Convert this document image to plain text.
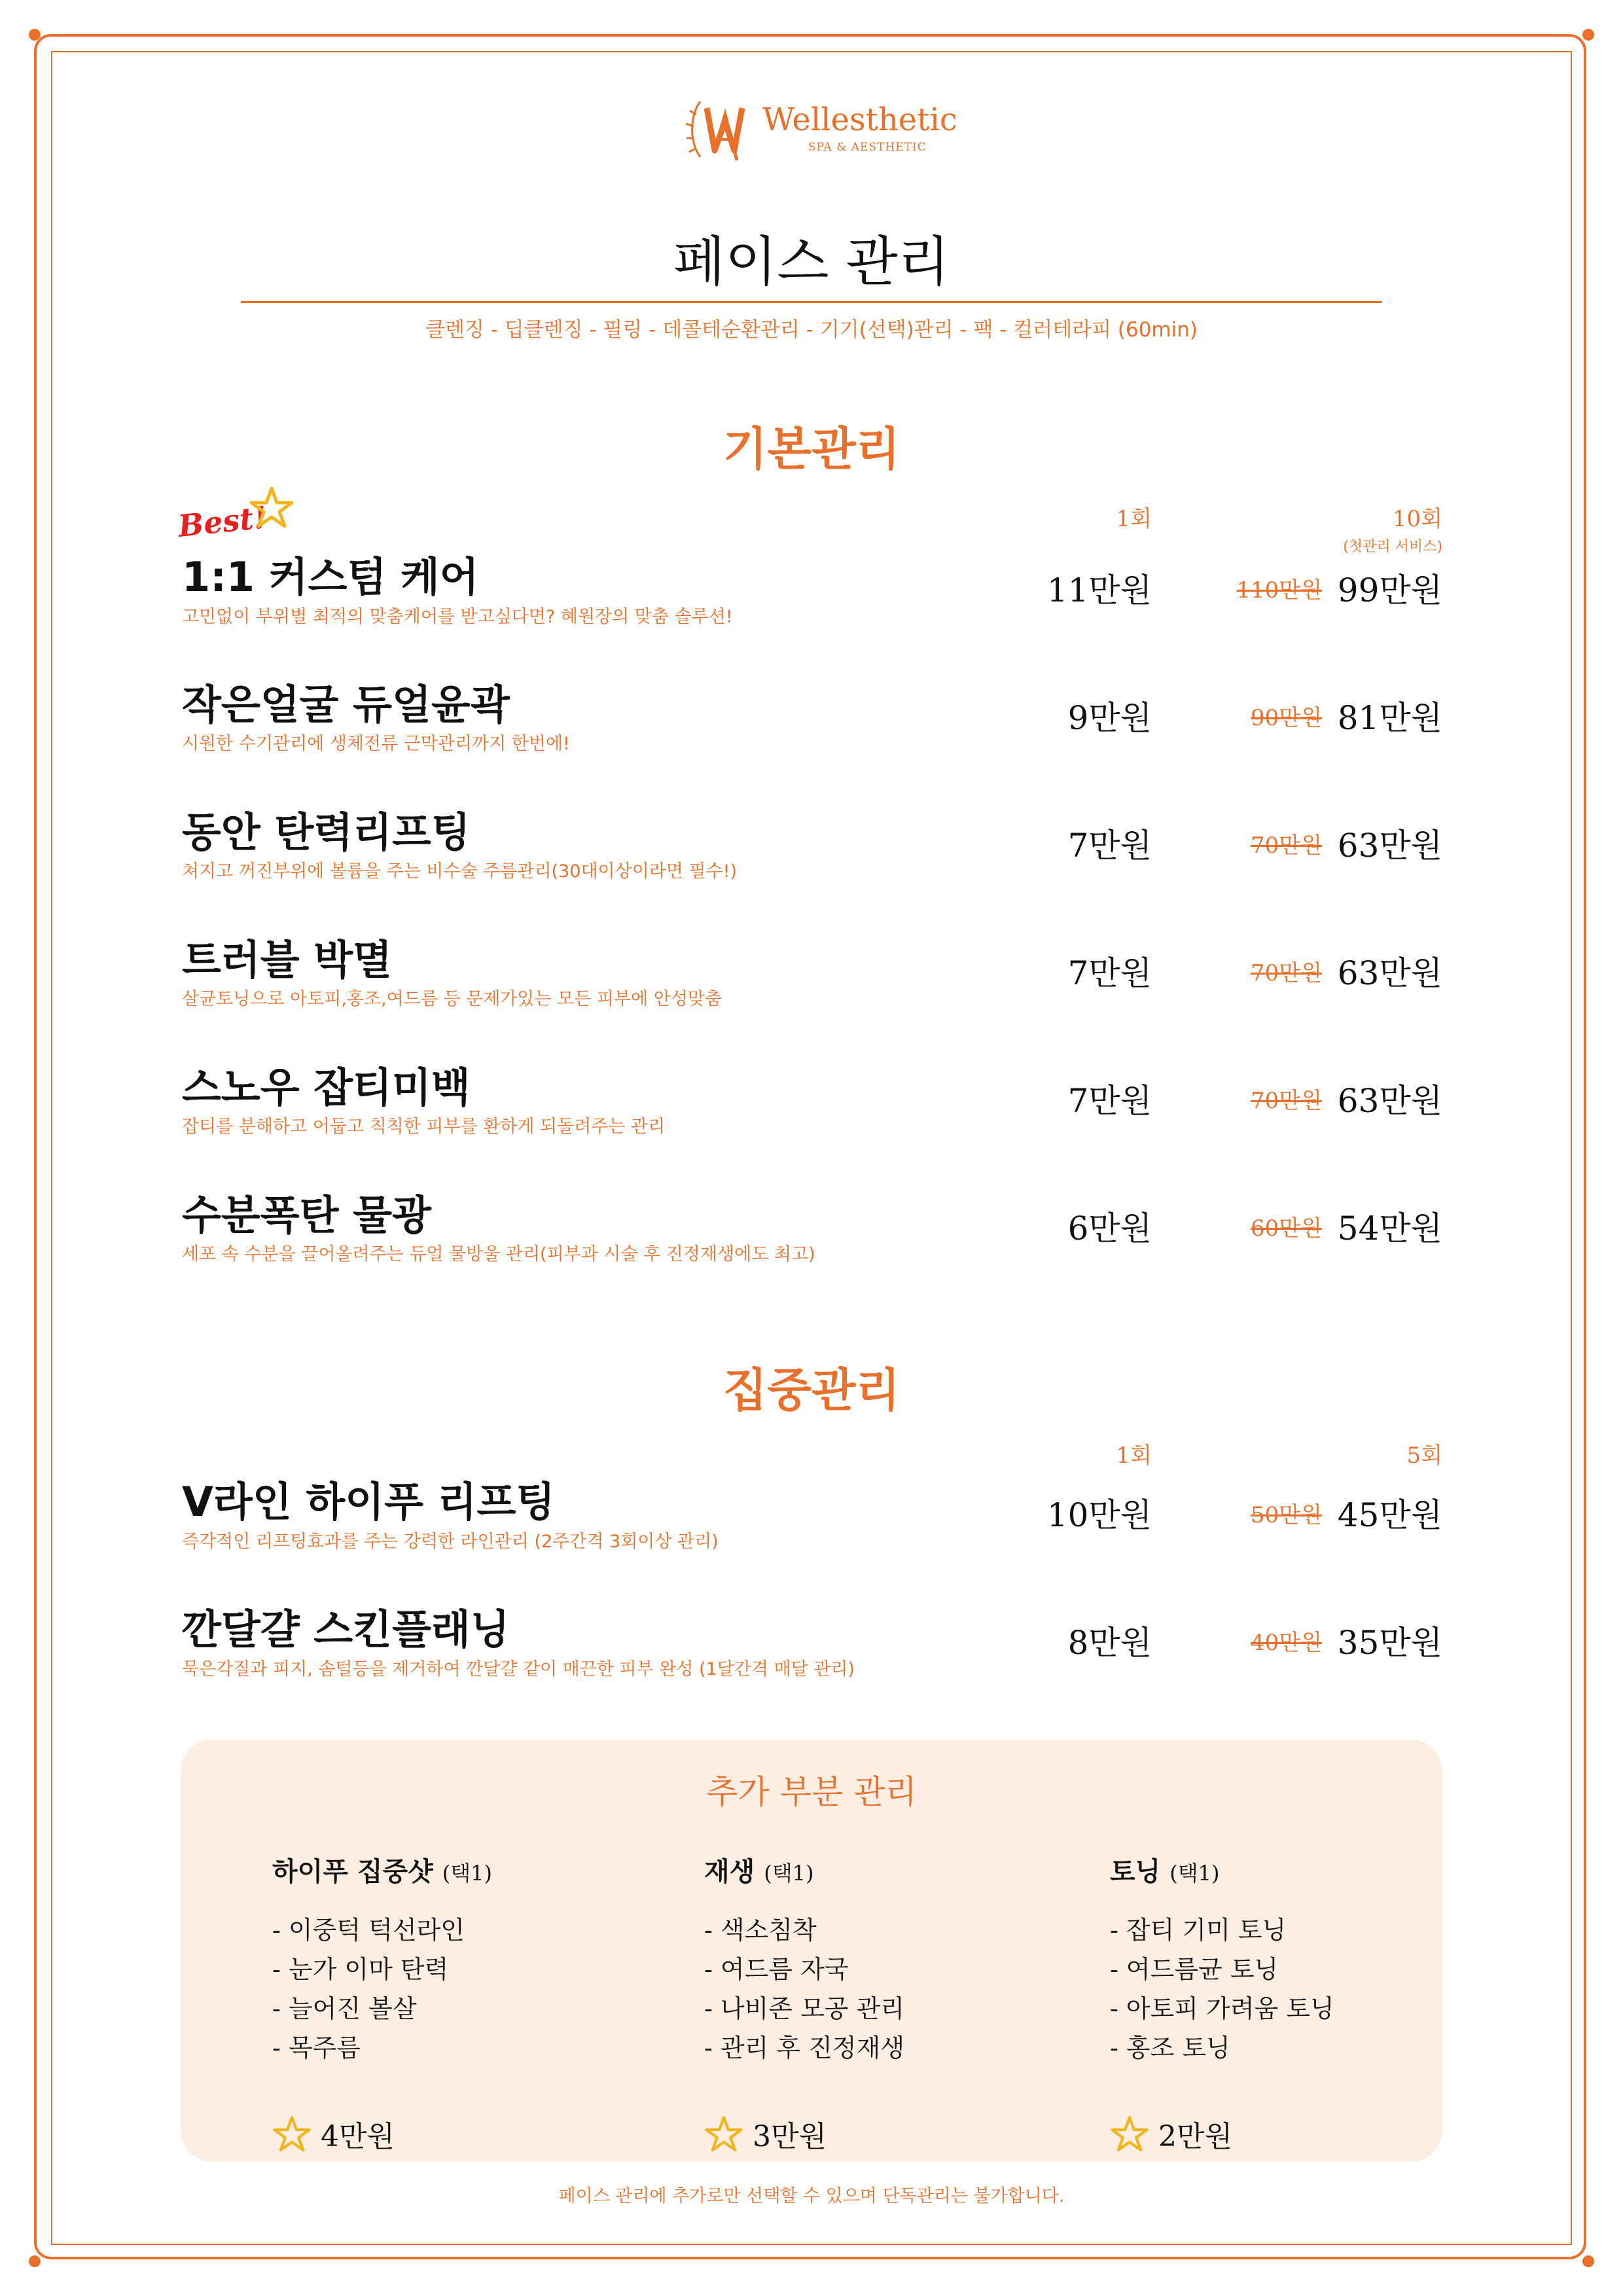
Wellesthetic
SPA & AESTHETIC
페이스 관리
클렌징 - 딥클렌징 - 필링 - 데콜테순환관리 - 기기(선택)관리 - 팩 - 컬러테라피 (60min)
기본관리
1회	10회
(첫관리 서비스)
Best!
1:1 커스텀 케어
고민없이 부위별 최적의 맞춤케어를 받고싶다면? 혜원장의 맞춤 솔루션!
11만원	110만원 99만원
작은얼굴 듀얼윤곽
시원한 수기관리에 생체전류 근막관리까지 한번에!
9만원	90만원 81만원
동안 탄력리프팅
쳐지고 꺼진부위에 볼륨을 주는 비수술 주름관리(30대이상이라면 필수!)
7만원	70만원 63만원
트러블 박멸
살균토닝으로 아토피,홍조,여드름 등 문제가있는 모든 피부에 안성맞춤
7만원	70만원 63만원
스노우 잡티미백
잡티를 분해하고 어둡고 칙칙한 피부를 환하게 되돌려주는 관리
7만원	70만원 63만원
수분폭탄 물광
세포 속 수분을 끌어올려주는 듀얼 물방울 관리(피부과 시술 후 진정재생에도 최고)
6만원	60만원 54만원
집중관리
1회	5회
V라인 하이푸 리프팅
즉각적인 리프팅효과를 주는 강력한 라인관리 (2주간격 3회이상 관리)
10만원	50만원 45만원
깐달걀 스킨플래닝
묵은각질과 피지, 솜털등을 제거하여 깐달걀 같이 매끈한 피부 완성 (1달간격 매달 관리)
8만원	40만원 35만원
추가 부분 관리
하이푸 집중샷 (택1)
- 이중턱 턱선라인
- 눈가 이마 탄력
- 늘어진 볼살
- 목주름
4만원
재생 (택1)
- 색소침착
- 여드름 자국
- 나비존 모공 관리
- 관리 후 진정재생
3만원
토닝 (택1)
- 잡티 기미 토닝
- 여드름균 토닝
- 아토피 가려움 토닝
- 홍조 토닝
2만원
페이스 관리에 추가로만 선택할 수 있으며 단독관리는 불가합니다.
